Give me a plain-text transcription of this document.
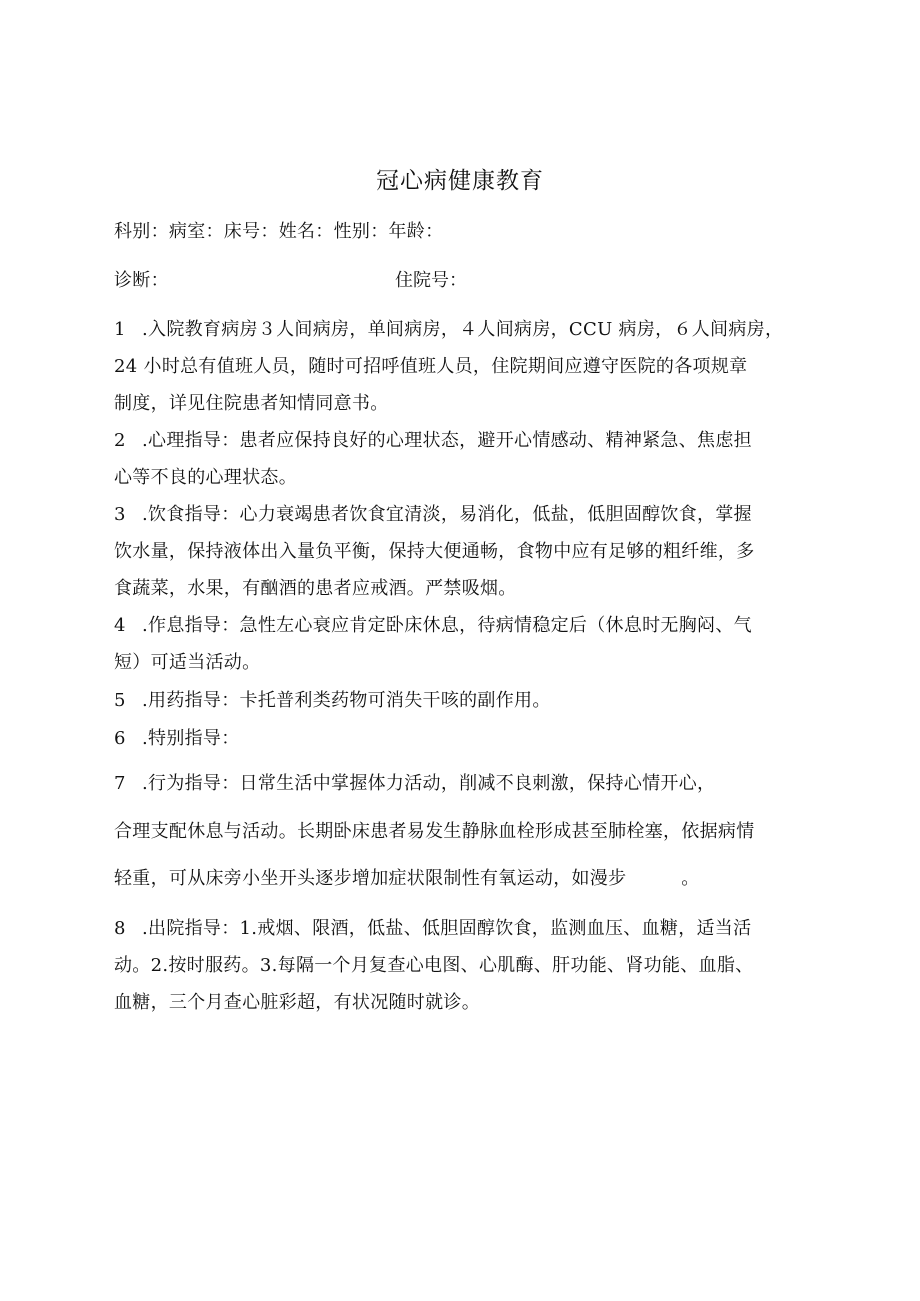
冠心病健康教育
科别：病室：床号：姓名：性别：年龄：
诊断：	住院号：
1 .入院教育病房３人间病房，单间病房，４人间病房，CCU 病房，６人间病房，
24 小时总有值班人员，随时可招呼值班人员，住院期间应遵守医院的各项规章
制度，详见住院患者知情同意书。
2 .心理指导：患者应保持良好的心理状态，避开心情感动、精神紧急、焦虑担
心等不良的心理状态。
3 .饮食指导：心力衰竭患者饮食宜清淡，易消化，低盐，低胆固醇饮食，掌握
饮水量，保持液体出入量负平衡，保持大便通畅，食物中应有足够的粗纤维，多
食蔬菜，水果，有酗酒的患者应戒酒。严禁吸烟。
4 .作息指导：急性左心衰应肯定卧床休息，待病情稳定后（休息时无胸闷、气
短）可适当活动。
5 .用药指导：卡托普利类药物可消失干咳的副作用。
6 .特别指导：
7 .行为指导：日常生活中掌握体力活动，削减不良刺激，保持心情开心，
合理支配休息与活动。长期卧床患者易发生静脉血栓形成甚至肺栓塞，依据病情
轻重，可从床旁小坐开头逐步增加症状限制性有氧运动，如漫步　　　。
8 .出院指导：1.戒烟、限酒，低盐、低胆固醇饮食，监测血压、血糖，适当活
动。2.按时服药。3.每隔一个月复查心电图、心肌酶、肝功能、肾功能、血脂、
血糖，三个月查心脏彩超，有状况随时就诊。
